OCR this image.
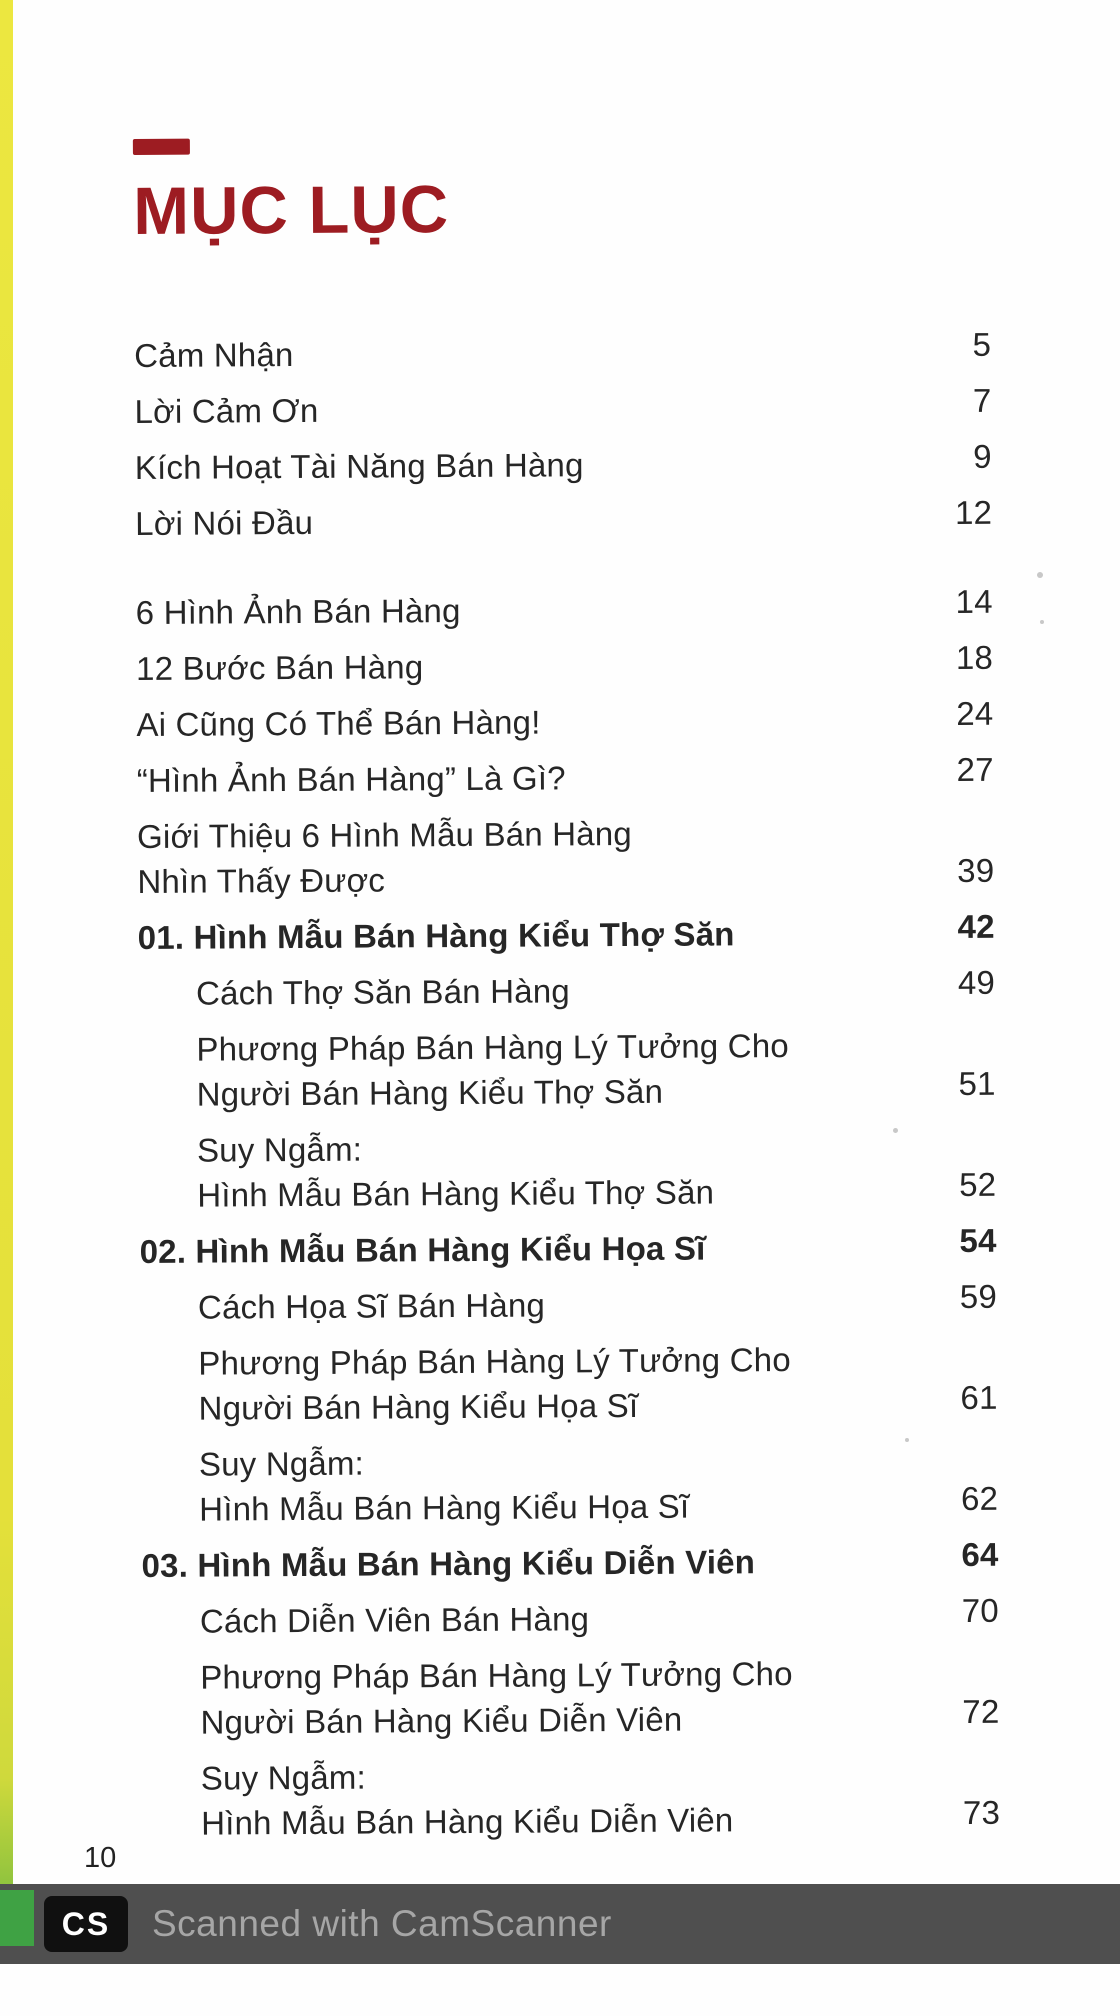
MỤC LỤC
Cảm Nhận	5
Lời Cảm Ơn	7
Kích Hoạt Tài Năng Bán Hàng	9
Lời Nói Đầu	12
6 Hình Ảnh Bán Hàng	14
12 Bước Bán Hàng	18
Ai Cũng Có Thể Bán Hàng!	24
“Hình Ảnh Bán Hàng” Là Gì?	27
Giới Thiệu 6 Hình Mẫu Bán Hàng
Nhìn Thấy Được	39
01. Hình Mẫu Bán Hàng Kiểu Thợ Săn	42
Cách Thợ Săn Bán Hàng	49
Phương Pháp Bán Hàng Lý Tưởng Cho
Người Bán Hàng Kiểu Thợ Săn	51
Suy Ngẫm:
Hình Mẫu Bán Hàng Kiểu Thợ Săn	52
02. Hình Mẫu Bán Hàng Kiểu Họa Sĩ	54
Cách Họa Sĩ Bán Hàng	59
Phương Pháp Bán Hàng Lý Tưởng Cho
Người Bán Hàng Kiểu Họa Sĩ	61
Suy Ngẫm:
Hình Mẫu Bán Hàng Kiểu Họa Sĩ	62
03. Hình Mẫu Bán Hàng Kiểu Diễn Viên	64
Cách Diễn Viên Bán Hàng	70
Phương Pháp Bán Hàng Lý Tưởng Cho
Người Bán Hàng Kiểu Diễn Viên	72
Suy Ngẫm:
Hình Mẫu Bán Hàng Kiểu Diễn Viên	73
10
CS Scanned with CamScanner
